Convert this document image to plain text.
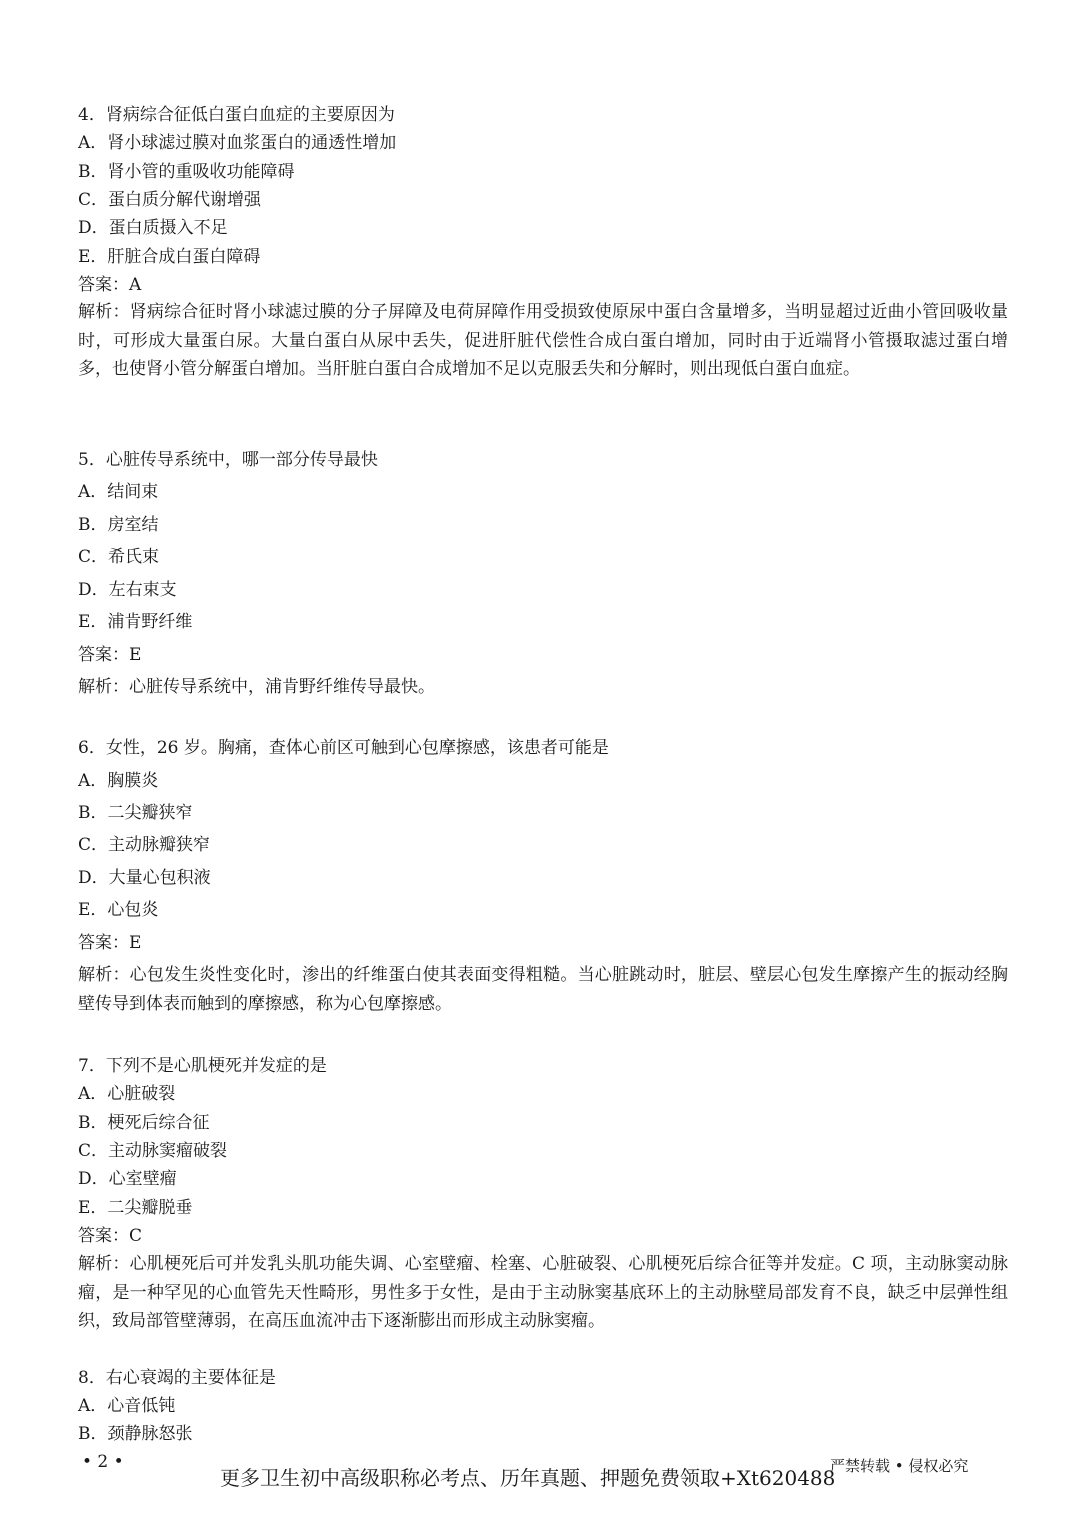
4．肾病综合征低白蛋白血症的主要原因为
A．肾小球滤过膜对血浆蛋白的通透性增加
B．肾小管的重吸收功能障碍
C．蛋白质分解代谢增强
D．蛋白质摄入不足
E．肝脏合成白蛋白障碍
答案：A
解析：肾病综合征时肾小球滤过膜的分子屏障及电荷屏障作用受损致使原尿中蛋白含量增多，当明显超过近曲小管回吸收量时，可形成大量蛋白尿。大量白蛋白从尿中丢失，促进肝脏代偿性合成白蛋白增加，同时由于近端肾小管摄取滤过蛋白增多，也使肾小管分解蛋白增加。当肝脏白蛋白合成增加不足以克服丢失和分解时，则出现低白蛋白血症。
5．心脏传导系统中，哪一部分传导最快
A．结间束
B．房室结
C．希氏束
D．左右束支
E．浦肯野纤维
答案：E
解析：心脏传导系统中，浦肯野纤维传导最快。
6．女性，26 岁。胸痛，查体心前区可触到心包摩擦感，该患者可能是
A．胸膜炎
B．二尖瓣狭窄
C．主动脉瓣狭窄
D．大量心包积液
E．心包炎
答案：E
解析：心包发生炎性变化时，渗出的纤维蛋白使其表面变得粗糙。当心脏跳动时，脏层、壁层心包发生摩擦产生的振动经胸壁传导到体表而触到的摩擦感，称为心包摩擦感。
7．下列不是心肌梗死并发症的是
A．心脏破裂
B．梗死后综合征
C．主动脉窦瘤破裂
D．心室壁瘤
E．二尖瓣脱垂
答案：C
解析：心肌梗死后可并发乳头肌功能失调、心室壁瘤、栓塞、心脏破裂、心肌梗死后综合征等并发症。C 项，主动脉窦动脉瘤，是一种罕见的心血管先天性畸形，男性多于女性，是由于主动脉窦基底环上的主动脉壁局部发育不良，缺乏中层弹性组织，致局部管壁薄弱，在高压血流冲击下逐渐膨出而形成主动脉窦瘤。
8．右心衰竭的主要体征是
A．心音低钝
B．颈静脉怒张
• 2 •	严禁转载 • 侵权必究
更多卫生初中高级职称必考点、历年真题、押题免费领取+Xt620488
